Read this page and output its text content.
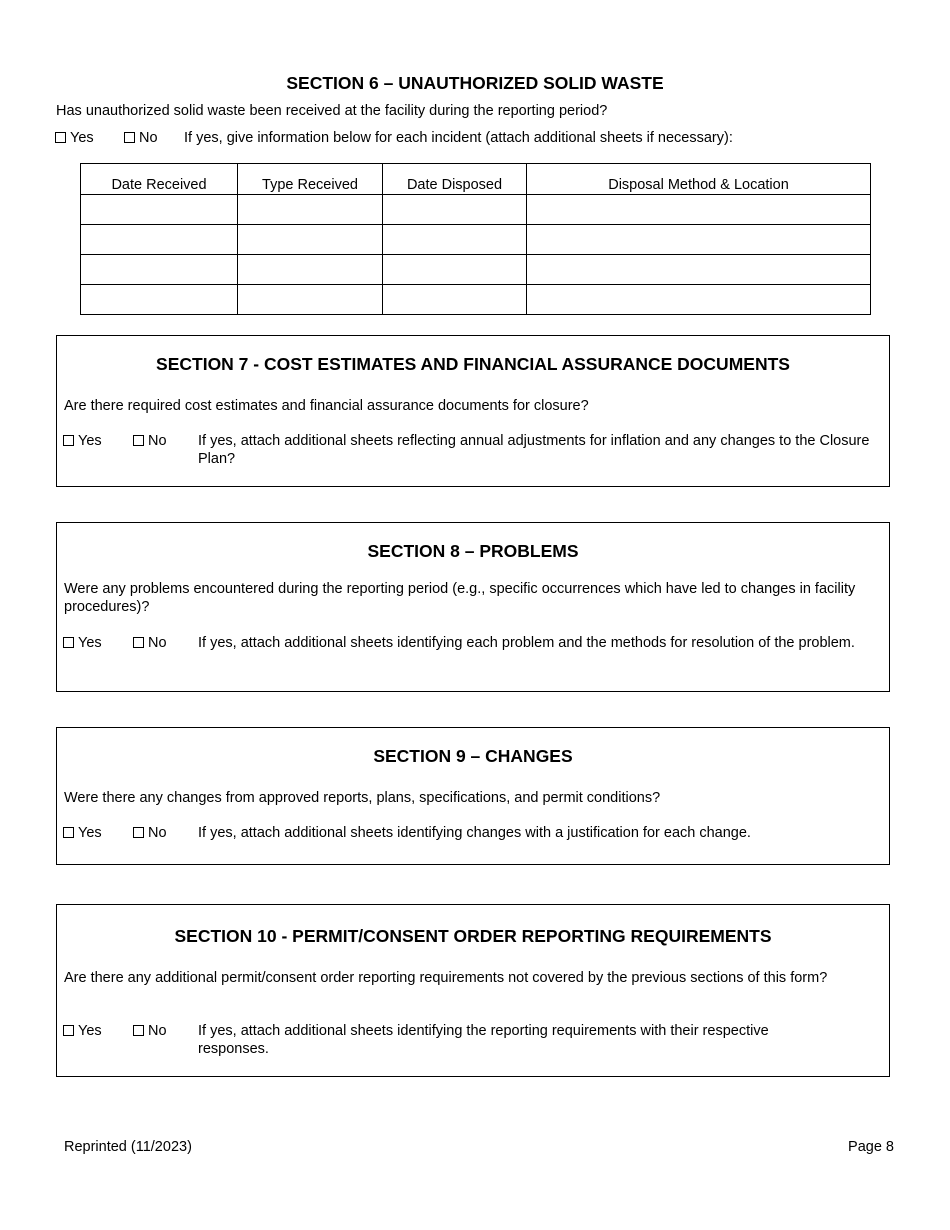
SECTION 6 – UNAUTHORIZED SOLID WASTE
Has unauthorized solid waste been received at the facility during the reporting period?
Yes	No If yes, give information below for each incident (attach additional sheets if necessary):
Date Received	Type Received	Date Disposed	Disposal Method & Location

SECTION 7 - COST ESTIMATES AND FINANCIAL ASSURANCE DOCUMENTS
Are there required cost estimates and financial assurance documents for closure?
Yes	No If yes, attach additional sheets reflecting annual adjustments for inflation and any changes to the Closure Plan?
SECTION 8 – PROBLEMS
Were any problems encountered during the reporting period (e.g., specific occurrences which have led to changes in facility procedures)?
Yes	No If yes, attach additional sheets identifying each problem and the methods for resolution of the problem.
SECTION 9 – CHANGES
Were there any changes from approved reports, plans, specifications, and permit conditions?
Yes	No If yes, attach additional sheets identifying changes with a justification for each change.
SECTION 10 - PERMIT/CONSENT ORDER REPORTING REQUIREMENTS
Are there any additional permit/consent order reporting requirements not covered by the previous sections of this form?
Yes	No If yes, attach additional sheets identifying the reporting requirements with their respective responses.
Reprinted (11/2023)	Page 8
